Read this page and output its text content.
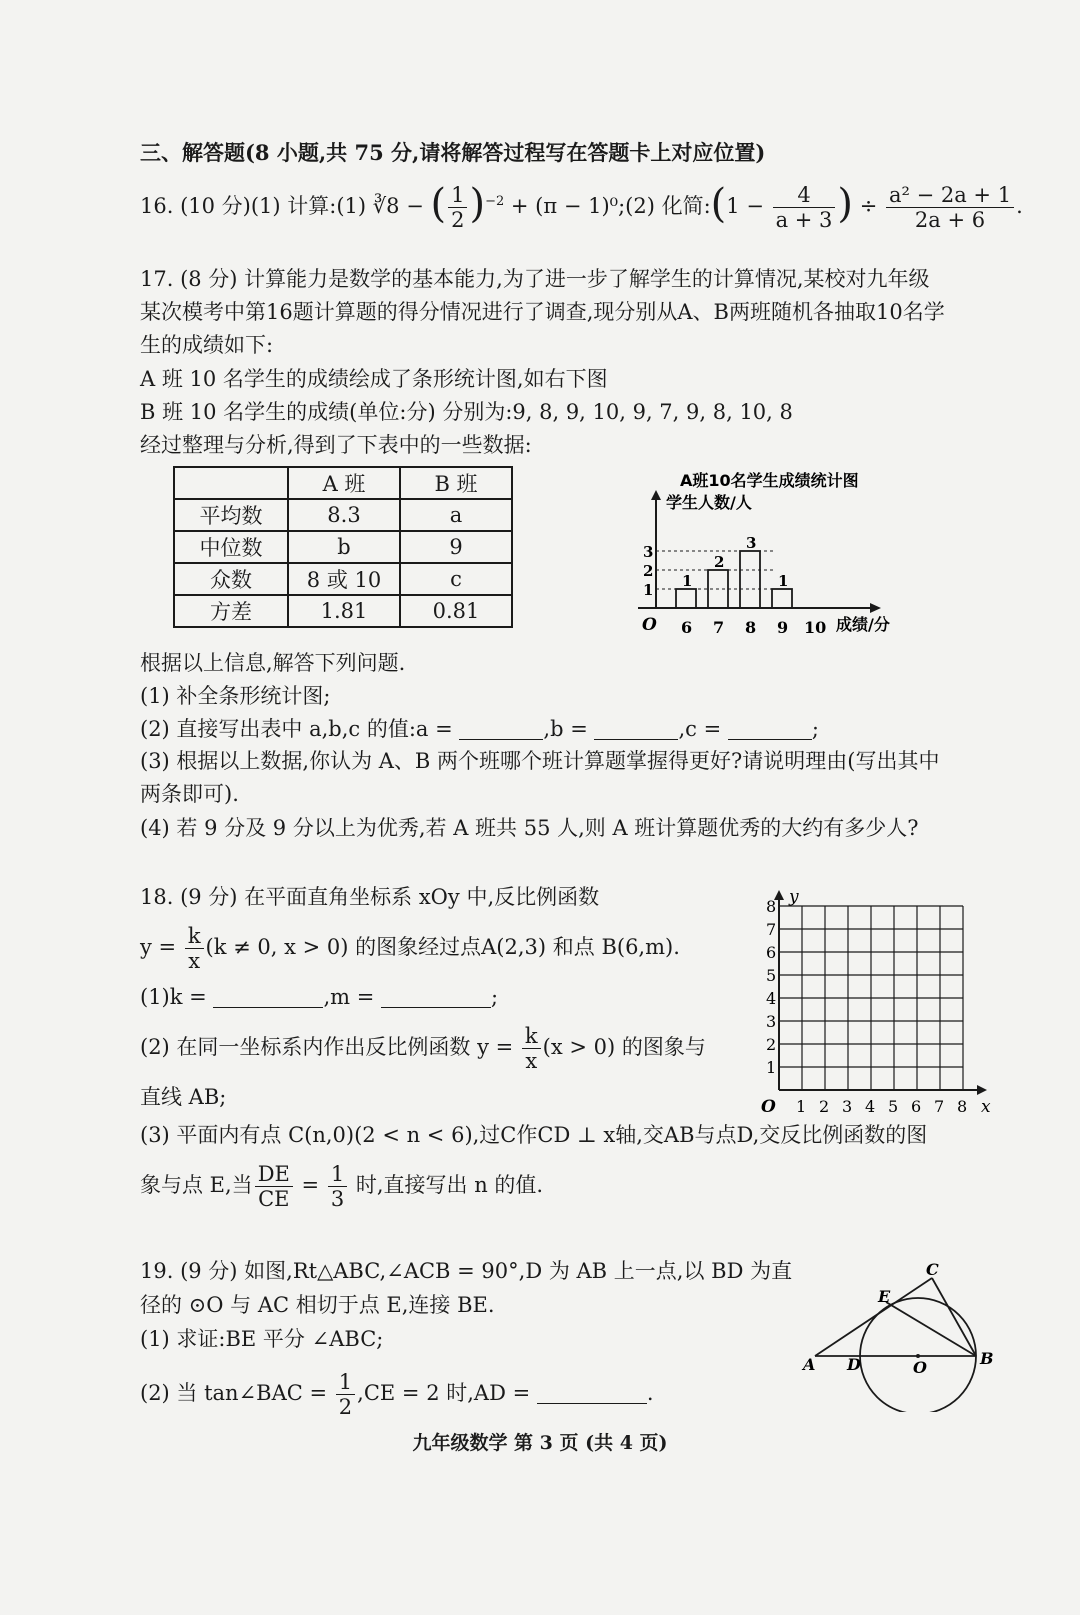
三、解答题(8 小题,共 75 分,请将解答过程写在答题卡上对应位置)
16. (10 分)(1) 计算:(1) ∛8 − ( $\frac{1}{2} )^{-2} + (\pi$ − 1)⁰;(2) 化简:(1 − $\frac{4}{a + 3}$ ) ÷ $\frac{\text{a² − 2a + 1}}{2a + 6}$ .
17. (8 分) 计算能力是数学的基本能力,为了进一步了解学生的计算情况,某校对九年级
某次模考中第16题计算题的得分情况进行了调查,现分别从A、B两班随机各抽取10名学
生的成绩如下:
A 班 10 名学生的成绩绘成了条形统计图,如右下图
B 班 10 名学生的成绩(单位:分) 分别为:9, 8, 9, 10, 9, 7, 9, 8, 10, 8
经过整理与分析,得到了下表中的一些数据:
	A 班	B 班
平均数	8.3	a
中位数	b	9
众数	8 或 10	c
方差	1.81	0.81
A班10名学生成绩统计图
学生人数/人
1
2
3
6
1
7
2
8
3
9
1
10
O	成绩/分
根据以上信息,解答下列问题.
(1) 补全条形统计图;
(2) 直接写出表中 a,b,c 的值:a =	,b =	,c =	;
(3) 根据以上数据,你认为 A、B 两个班哪个班计算题掌握得更好?请说明理由(写出其中
两条即可).
(4) 若 9 分及 9 分以上为优秀,若 A 班共 55 人,则 A 班计算题优秀的大约有多少人?
18. (9 分) 在平面直角坐标系 xOy 中,反比例函数
$y = \frac{k}{x} (k \ne 0$, x > 0) 的图象经过点A(2,3) 和点 B(6,m).
(1)k =	,m =	;
(2) 在同一坐标系内作出反比例函数 $y = \frac{k}{x} (x > 0)$ 的图象与
直线 AB;
(3) 平面内有点 C(n,0)(2 < n < 6),过C作CD ⊥ x轴,交AB与点D,交反比例函数的图
象与点 E,当 $\frac{DE}{CE} = \frac{1}{3}$ 时,直接写出 n 的值.
1 2 3 4 5 6 7 8
1
2
3
4
5
6
7
8
O	x
y
19. (9 分) 如图,Rt△ABC,∠ACB = 90°,D 为 AB 上一点,以 BD 为直
径的 ⊙O 与 AC 相切于点 E,连接 BE.
(1) 求证:BE 平分 ∠ABC;
(2) 当 tan∠BAC = $\frac{1}{2} ,CE = 2$ 时,AD =	.
C
E
A D	O	B
九年级数学 第 3 页 (共 4 页)
